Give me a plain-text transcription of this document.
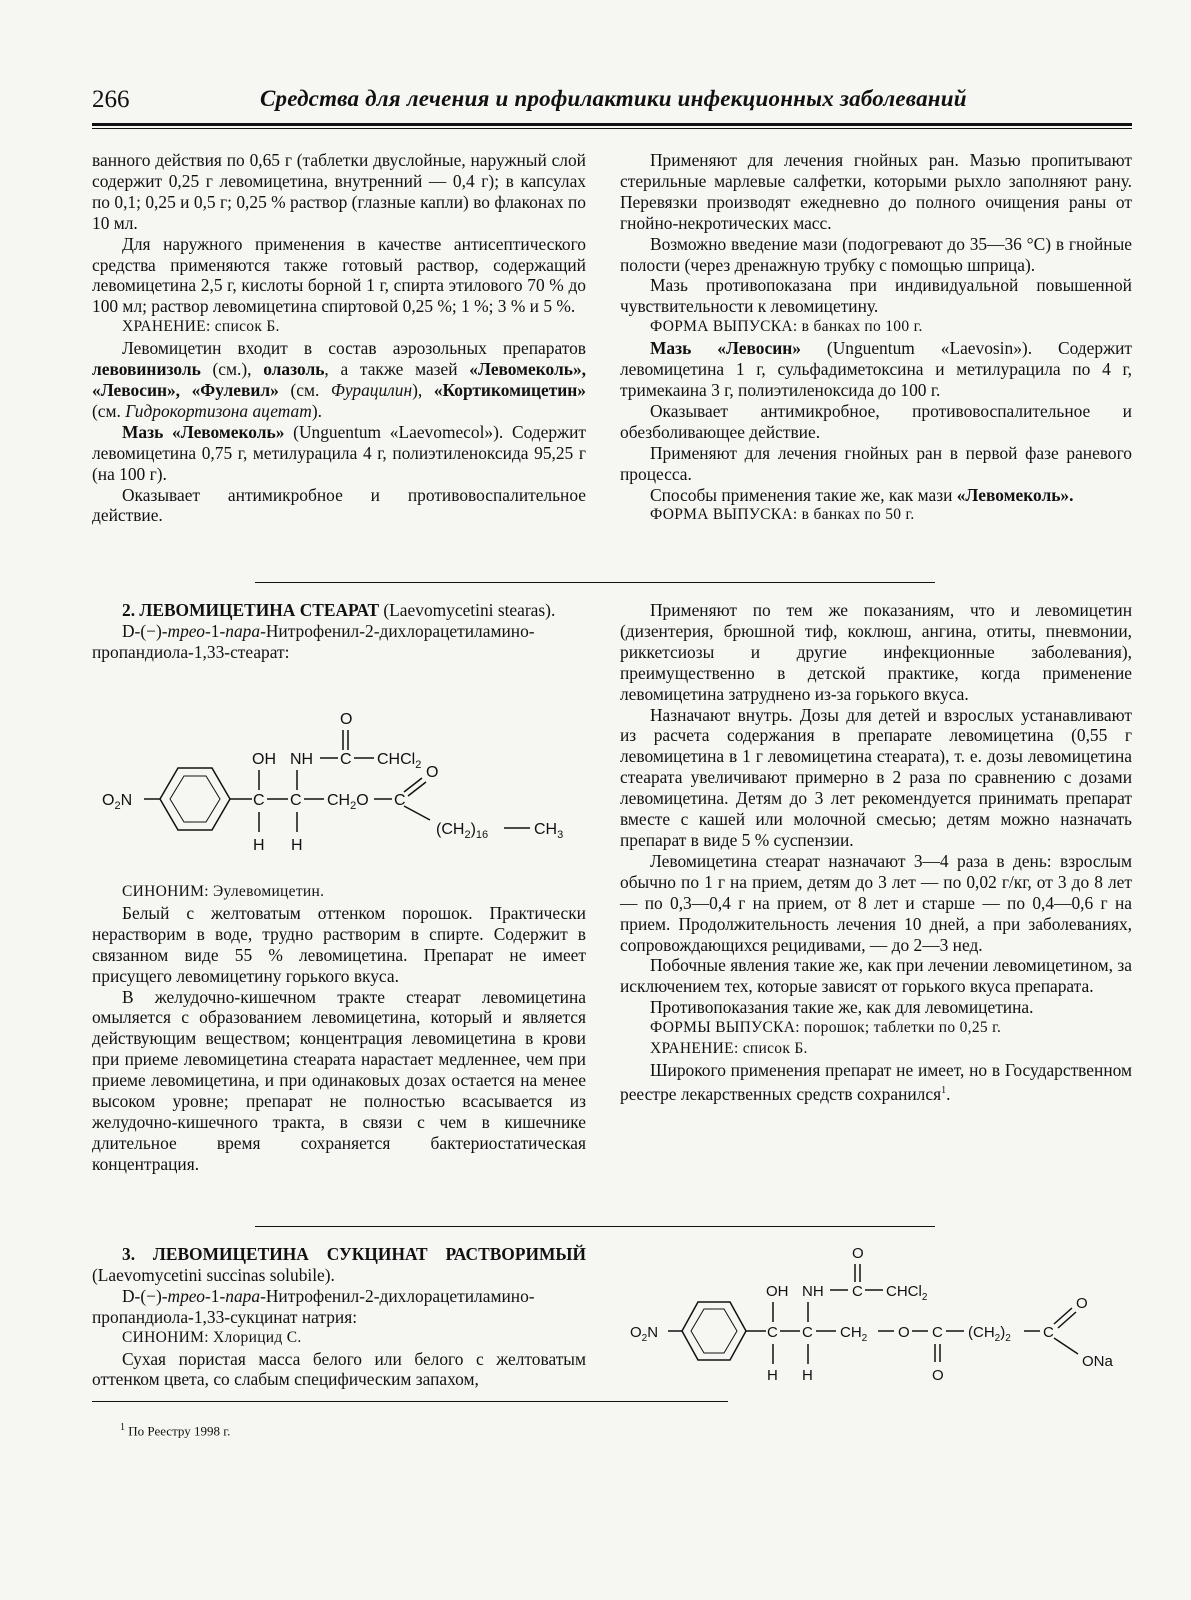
266	Средства для лечения и профилактики инфекционных заболеваний

ванного действия по 0,65 г (таблетки двуслойные, наружный слой содержит 0,25 г левомицетина, внутренний — 0,4 г); в капсулах по 0,1; 0,25 и 0,5 г; 0,25 % раствор (глазные капли) во флаконах по 10 мл.

Для наружного применения в качестве антисептического средства применяются также готовый раствор, содержащий левомицетина 2,5 г, кислоты борной 1 г, спирта этилового 70 % до 100 мл; раствор левомицетина спиртовой 0,25 %; 1 %; 3 % и 5 %.

ХРАНЕНИЕ: список Б.

Левомицетин входит в состав аэрозольных препаратов левовинизоль (см.), олазоль, а также мазей «Левомеколь», «Левосин», «Фулевил» (см. Фурацилин), «Кортикомицетин» (см. Гидрокортизона ацетат).

Мазь «Левомеколь» (Unguentum «Laevomecol»). Содержит левомицетина 0,75 г, метилурацила 4 г, полиэтиленоксида 95,25 г (на 100 г).

Оказывает антимикробное и противовоспалительное действие.

Применяют для лечения гнойных ран. Мазью пропитывают стерильные марлевые салфетки, которыми рыхло заполняют рану. Перевязки производят ежедневно до полного очищения раны от гнойно-некротических масс.

Возможно введение мази (подогревают до 35—36 °С) в гнойные полости (через дренажную трубку с помощью шприца).

Мазь противопоказана при индивидуальной повышенной чувствительности к левомицетину.

ФОРМА ВЫПУСКА: в банках по 100 г.

Мазь «Левосин» (Unguentum «Laevosin»). Содержит левомицетина 1 г, сульфадиметоксина и метилурацила по 4 г, тримекаина 3 г, полиэтиленоксида до 100 г.

Оказывает антимикробное, противовоспалительное и обезболивающее действие.

Применяют для лечения гнойных ран в первой фазе раневого процесса.

Способы применения такие же, как мази «Левомеколь».

ФОРМА ВЫПУСКА: в банках по 50 г.

2. ЛЕВОМИЦЕТИНА СТЕАРАТ (Laevomycetini stearas).

D-(−)-трео-1-пара-Нитрофенил-2-дихлорацетиламино-пропандиола-1,33-стеарат:

O
OH NH C CHCl$_2$
$O_2N$	C C $CH_2O$ C
O
$(CH_2)_{16}$	$CH_3$
H H

СИНОНИМ: Эулевомицетин.

Белый с желтоватым оттенком порошок. Практически нерастворим в воде, трудно растворим в спирте. Содержит в связанном виде 55 % левомицетина. Препарат не имеет присущего левомицетину горького вкуса.

В желудочно-кишечном тракте стеарат левомицетина омыляется с образованием левомицетина, который и является действующим веществом; концентрация левомицетина в крови при приеме левомицетина стеарата нарастает медленнее, чем при приеме левомицетина, и при одинаковых дозах остается на менее высоком уровне; препарат не полностью всасывается из желудочно-кишечного тракта, в связи с чем в кишечнике длительное время сохраняется бактериостатическая концентрация.

Применяют по тем же показаниям, что и левомицетин (дизентерия, брюшной тиф, коклюш, ангина, отиты, пневмонии, риккетсиозы и другие инфекционные заболевания), преимущественно в детской практике, когда применение левомицетина затруднено из-за горького вкуса.

Назначают внутрь. Дозы для детей и взрослых устанавливают из расчета содержания в препарате левомицетина (0,55 г левомицетина в 1 г левомицетина стеарата), т. е. дозы левомицетина стеарата увеличивают примерно в 2 раза по сравнению с дозами левомицетина. Детям до 3 лет рекомендуется принимать препарат вместе с кашей или молочной смесью; детям можно назначать препарат в виде 5 % суспензии.

Левомицетина стеарат назначают 3—4 раза в день: взрослым обычно по 1 г на прием, детям до 3 лет — по 0,02 г/кг, от 3 до 8 лет — по 0,3—0,4 г на прием, от 8 лет и старше — по 0,4—0,6 г на прием. Продолжительность лечения 10 дней, а при заболеваниях, сопровождающихся рецидивами, — до 2—3 нед.

Побочные явления такие же, как при лечении левомицетином, за исключением тех, которые зависят от горького вкуса препарата.

Противопоказания такие же, как для левомицетина.

ФОРМЫ ВЫПУСКА: порошок; таблетки по 0,25 г.

ХРАНЕНИЕ: список Б.

Широкого применения препарат не имеет, но в Государственном реестре лекарственных средств сохранился$^1$.

3. ЛЕВОМИЦЕТИНА СУКЦИНАТ РАСТВОРИМЫЙ (Laevomycetini succinas solubile).

D-(−)-трео-1-пара-Нитрофенил-2-дихлорацетиламино-пропандиола-1,33-сукцинат натрия:

СИНОНИМ: Хлорицид С.

Сухая пористая масса белого или белого с желтоватым оттенком цвета, со слабым специфическим запахом,

O
OH NH C CHCl$_2$
$O_2N$	C C $CH_2$ O C $(CH_2)_2$ C
O
ONa
H H	O
$^1$ По Реестру 1998 г.
